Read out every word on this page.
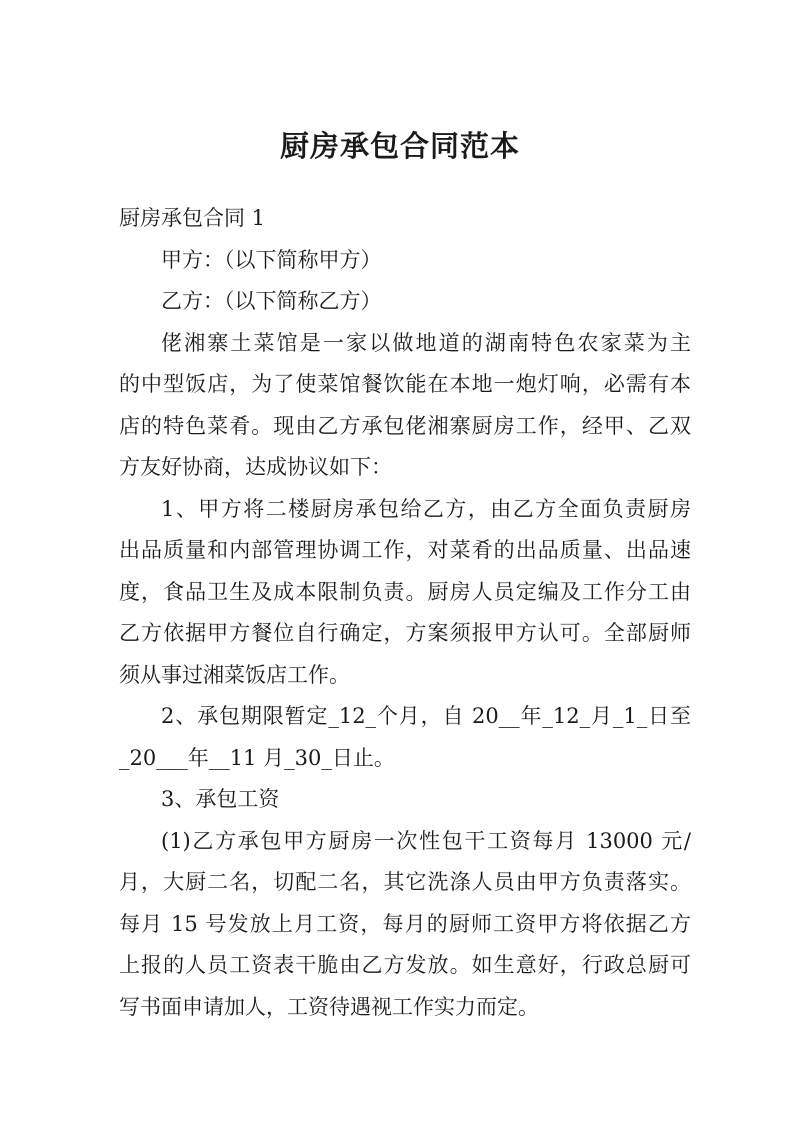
厨房承包合同范本
厨房承包合同 1
甲方：（以下简称甲方）
乙方：（以下简称乙方）
佬湘寨土菜馆是一家以做地道的湖南特色农家菜为主
的中型饭店，为了使菜馆餐饮能在本地一炮灯响，必需有本
店的特色菜肴。现由乙方承包佬湘寨厨房工作，经甲、乙双
方友好协商，达成协议如下：
1、甲方将二楼厨房承包给乙方，由乙方全面负责厨房
出品质量和内部管理协调工作，对菜肴的出品质量、出品速
度，食品卫生及成本限制负责。厨房人员定编及工作分工由
乙方依据甲方餐位自行确定，方案须报甲方认可。全部厨师
须从事过湘菜饭店工作。
2、承包期限暂定_12_个月，自 20__年_12_月_1_日至
_20___年__11 月_30_日止。
3、承包工资
(1)乙方承包甲方厨房一次性包干工资每月 13000 元/
月，大厨二名，切配二名，其它洗涤人员由甲方负责落实。
每月 15 号发放上月工资，每月的厨师工资甲方将依据乙方
上报的人员工资表干脆由乙方发放。如生意好，行政总厨可
写书面申请加人，工资待遇视工作实力而定。
